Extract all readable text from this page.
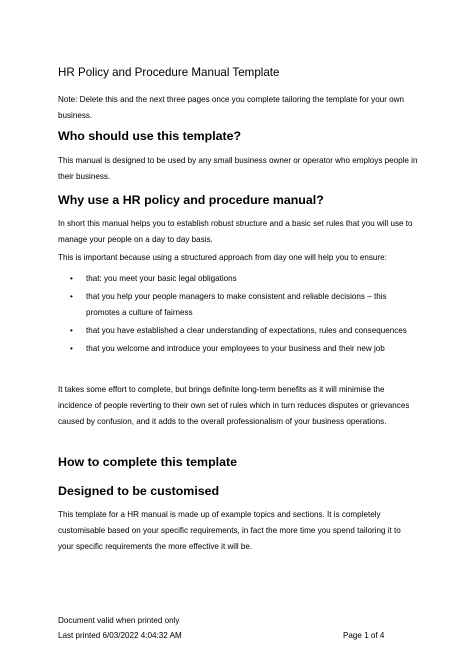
HR Policy and Procedure Manual Template

Note: Delete this and the next three pages once you complete tailoring the template for your own business.

Who should use this template?

This manual is designed to be used by any small business owner or operator who employs people in their business.

Why use a HR policy and procedure manual?

In short this manual helps you to establish robust structure and a basic set rules that you will use to manage your people on a day to day basis.

This is important because using a structured approach from day one will help you to ensure:

• that: you meet your basic legal obligations
• that you help your people managers to make consistent and reliable decisions – this promotes a culture of fairness
• that you have established a clear understanding of expectations, rules and consequences
• that you welcome and introduce your employees to your business and their new job

It takes some effort to complete, but brings definite long-term benefits as it will minimise the incidence of people reverting to their own set of rules which in turn reduces disputes or grievances caused by confusion, and it adds to the overall professionalism of your business operations.

How to complete this template
Designed to be customised

This template for a HR manual is made up of example topics and sections. It is completely customisable based on your specific requirements, in fact the more time you spend tailoring it to your specific requirements the more effective it will be.

Document valid when printed only
Last printed 6/03/2022 4:04:32 AM	Page 1 of 4
